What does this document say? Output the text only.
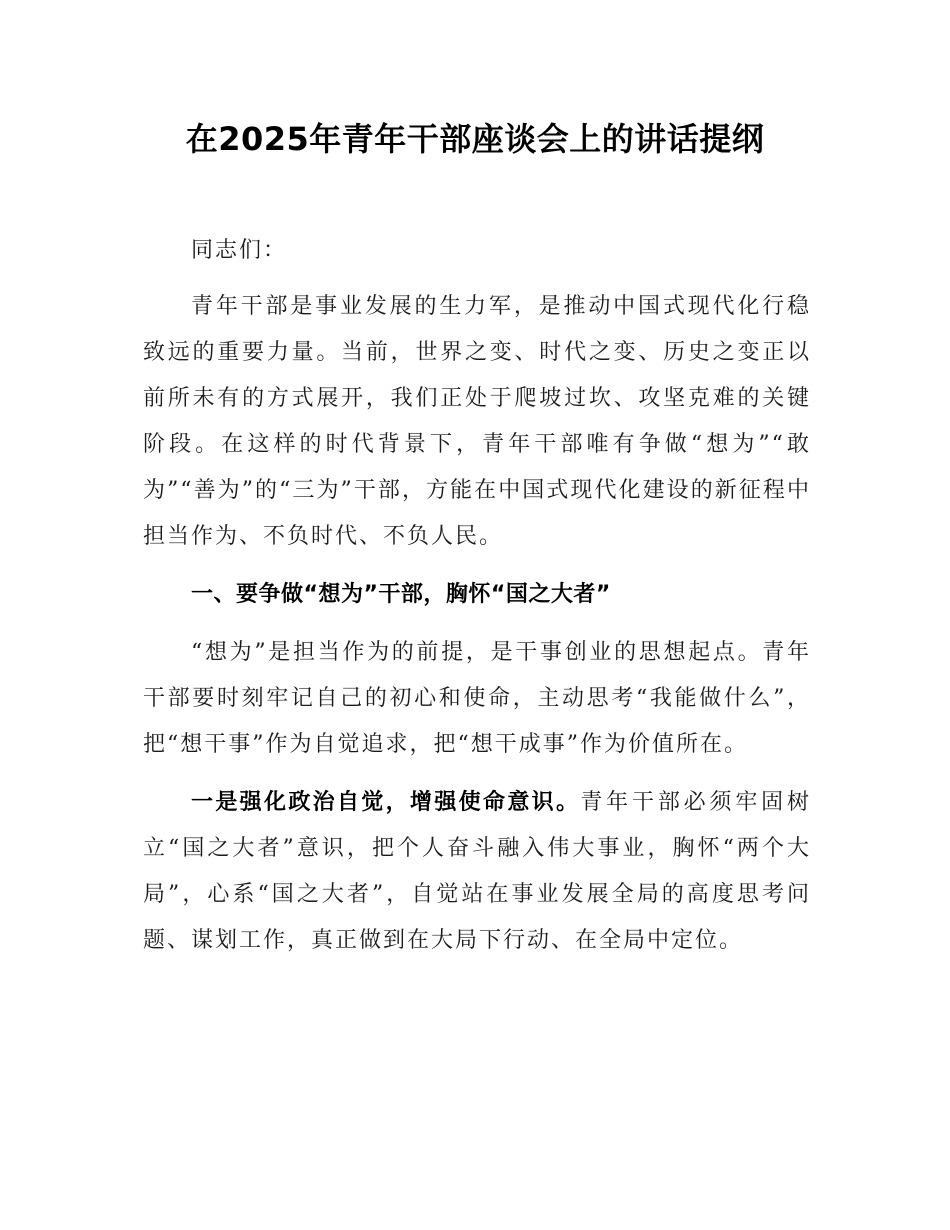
在2025年青年干部座谈会上的讲话提纲

同志们：

青年干部是事业发展的生力军，是推动中国式现代化行稳致远的重要力量。当前，世界之变、时代之变、历史之变正以前所未有的方式展开，我们正处于爬坡过坎、攻坚克难的关键阶段。在这样的时代背景下，青年干部唯有争做“想为”“敢为”“善为”的“三为”干部，方能在中国式现代化建设的新征程中担当作为、不负时代、不负人民。

一、要争做“想为”干部，胸怀“国之大者”

“想为”是担当作为的前提，是干事创业的思想起点。青年干部要时刻牢记自己的初心和使命，主动思考“我能做什么”，把“想干事”作为自觉追求，把“想干成事”作为价值所在。

一是强化政治自觉，增强使命意识。青年干部必须牢固树立“国之大者”意识，把个人奋斗融入伟大事业，胸怀“两个大局”，心系“国之大者”，自觉站在事业发展全局的高度思考问题、谋划工作，真正做到在大局下行动、在全局中定位。
